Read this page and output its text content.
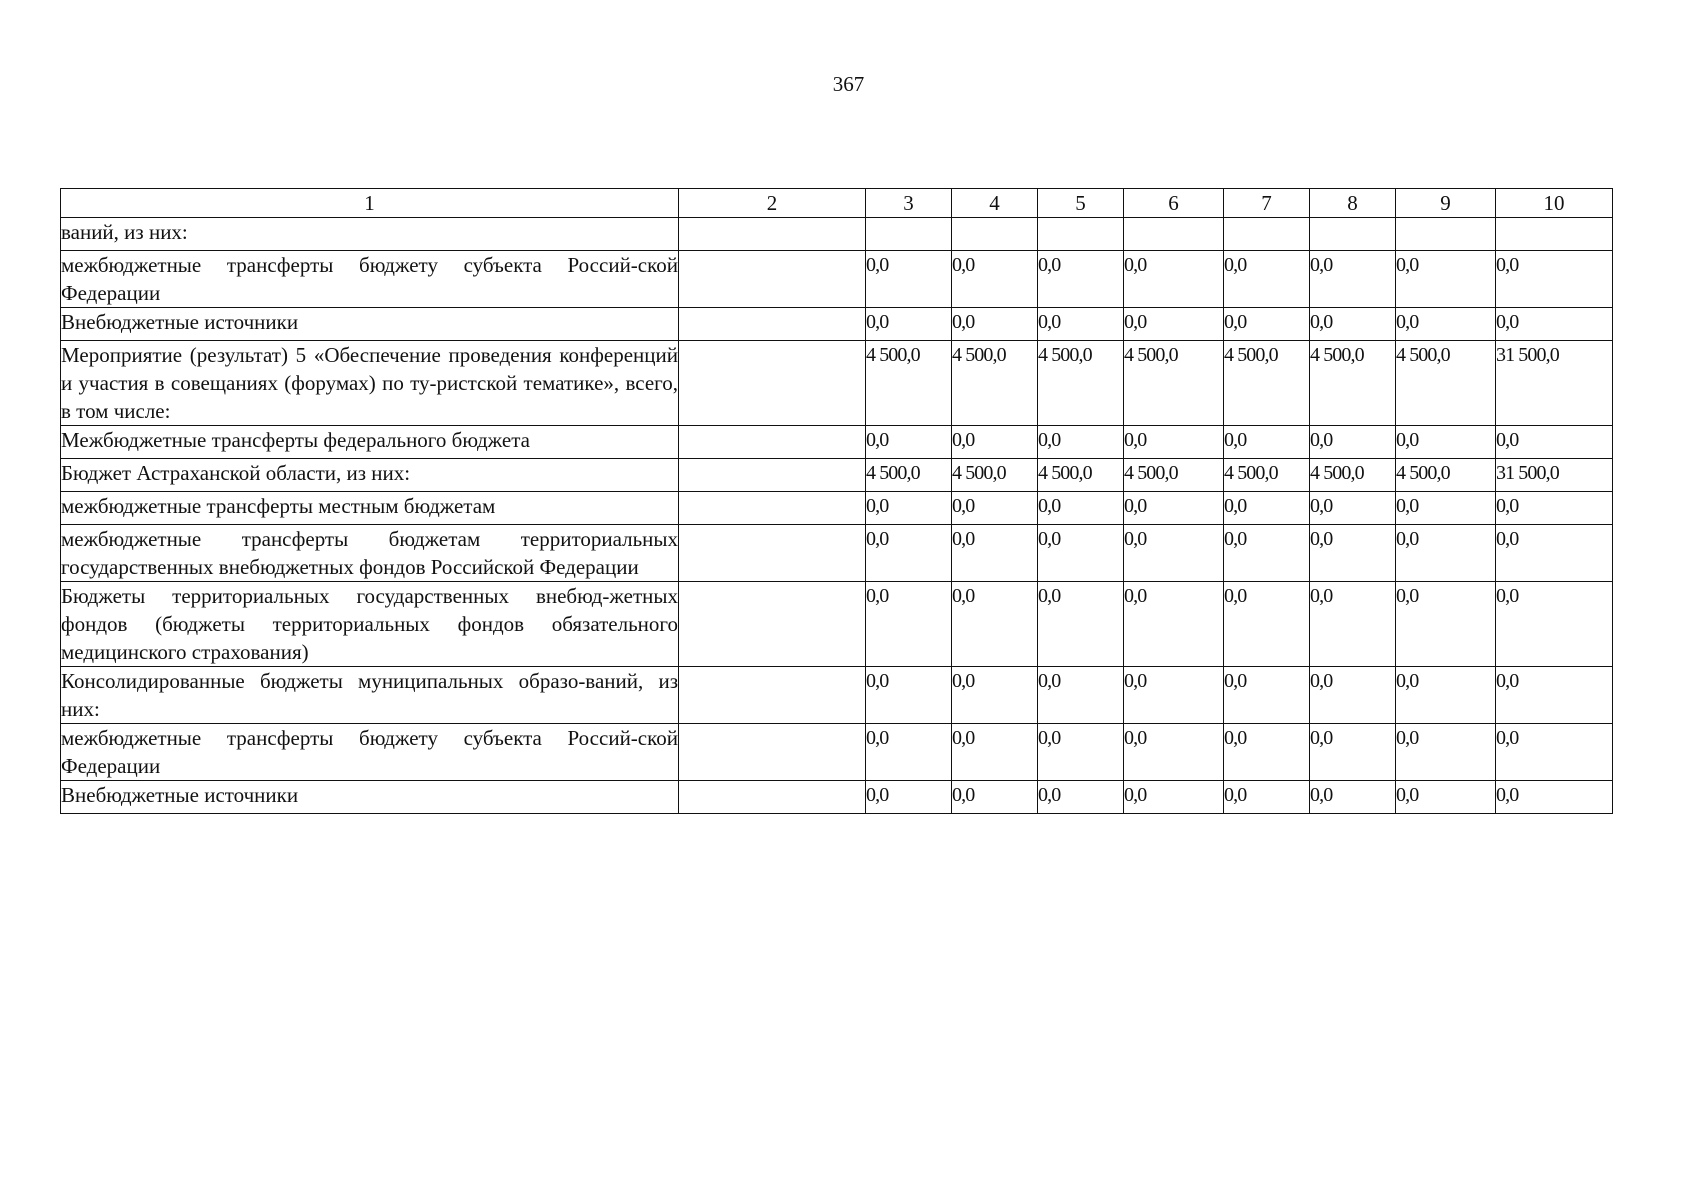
367
1	2	3	4	5	6	7	8	9	10
ваний, из них:									
межбюджетные трансферты бюджету субъекта Россий-ской Федерации		0,0	0,0	0,0	0,0	0,0	0,0	0,0	0,0
Внебюджетные источники		0,0	0,0	0,0	0,0	0,0	0,0	0,0	0,0
Мероприятие (результат) 5 «Обеспечение проведения конференций и участия в совещаниях (форумах) по ту-ристской тематике», всего, в том числе:		4 500,0	4 500,0	4 500,0	4 500,0	4 500,0	4 500,0	4 500,0	31 500,0
Межбюджетные трансферты федерального бюджета		0,0	0,0	0,0	0,0	0,0	0,0	0,0	0,0
Бюджет Астраханской области, из них:		4 500,0	4 500,0	4 500,0	4 500,0	4 500,0	4 500,0	4 500,0	31 500,0
межбюджетные трансферты местным бюджетам		0,0	0,0	0,0	0,0	0,0	0,0	0,0	0,0
межбюджетные трансферты бюджетам территориальных государственных внебюджетных фондов Российской Федерации		0,0	0,0	0,0	0,0	0,0	0,0	0,0	0,0
Бюджеты территориальных государственных внебюд-жетных фондов (бюджеты территориальных фондов обязательного медицинского страхования)		0,0	0,0	0,0	0,0	0,0	0,0	0,0	0,0
Консолидированные бюджеты муниципальных образо-ваний, из них:		0,0	0,0	0,0	0,0	0,0	0,0	0,0	0,0
межбюджетные трансферты бюджету субъекта Россий-ской Федерации		0,0	0,0	0,0	0,0	0,0	0,0	0,0	0,0
Внебюджетные источники		0,0	0,0	0,0	0,0	0,0	0,0	0,0	0,0
